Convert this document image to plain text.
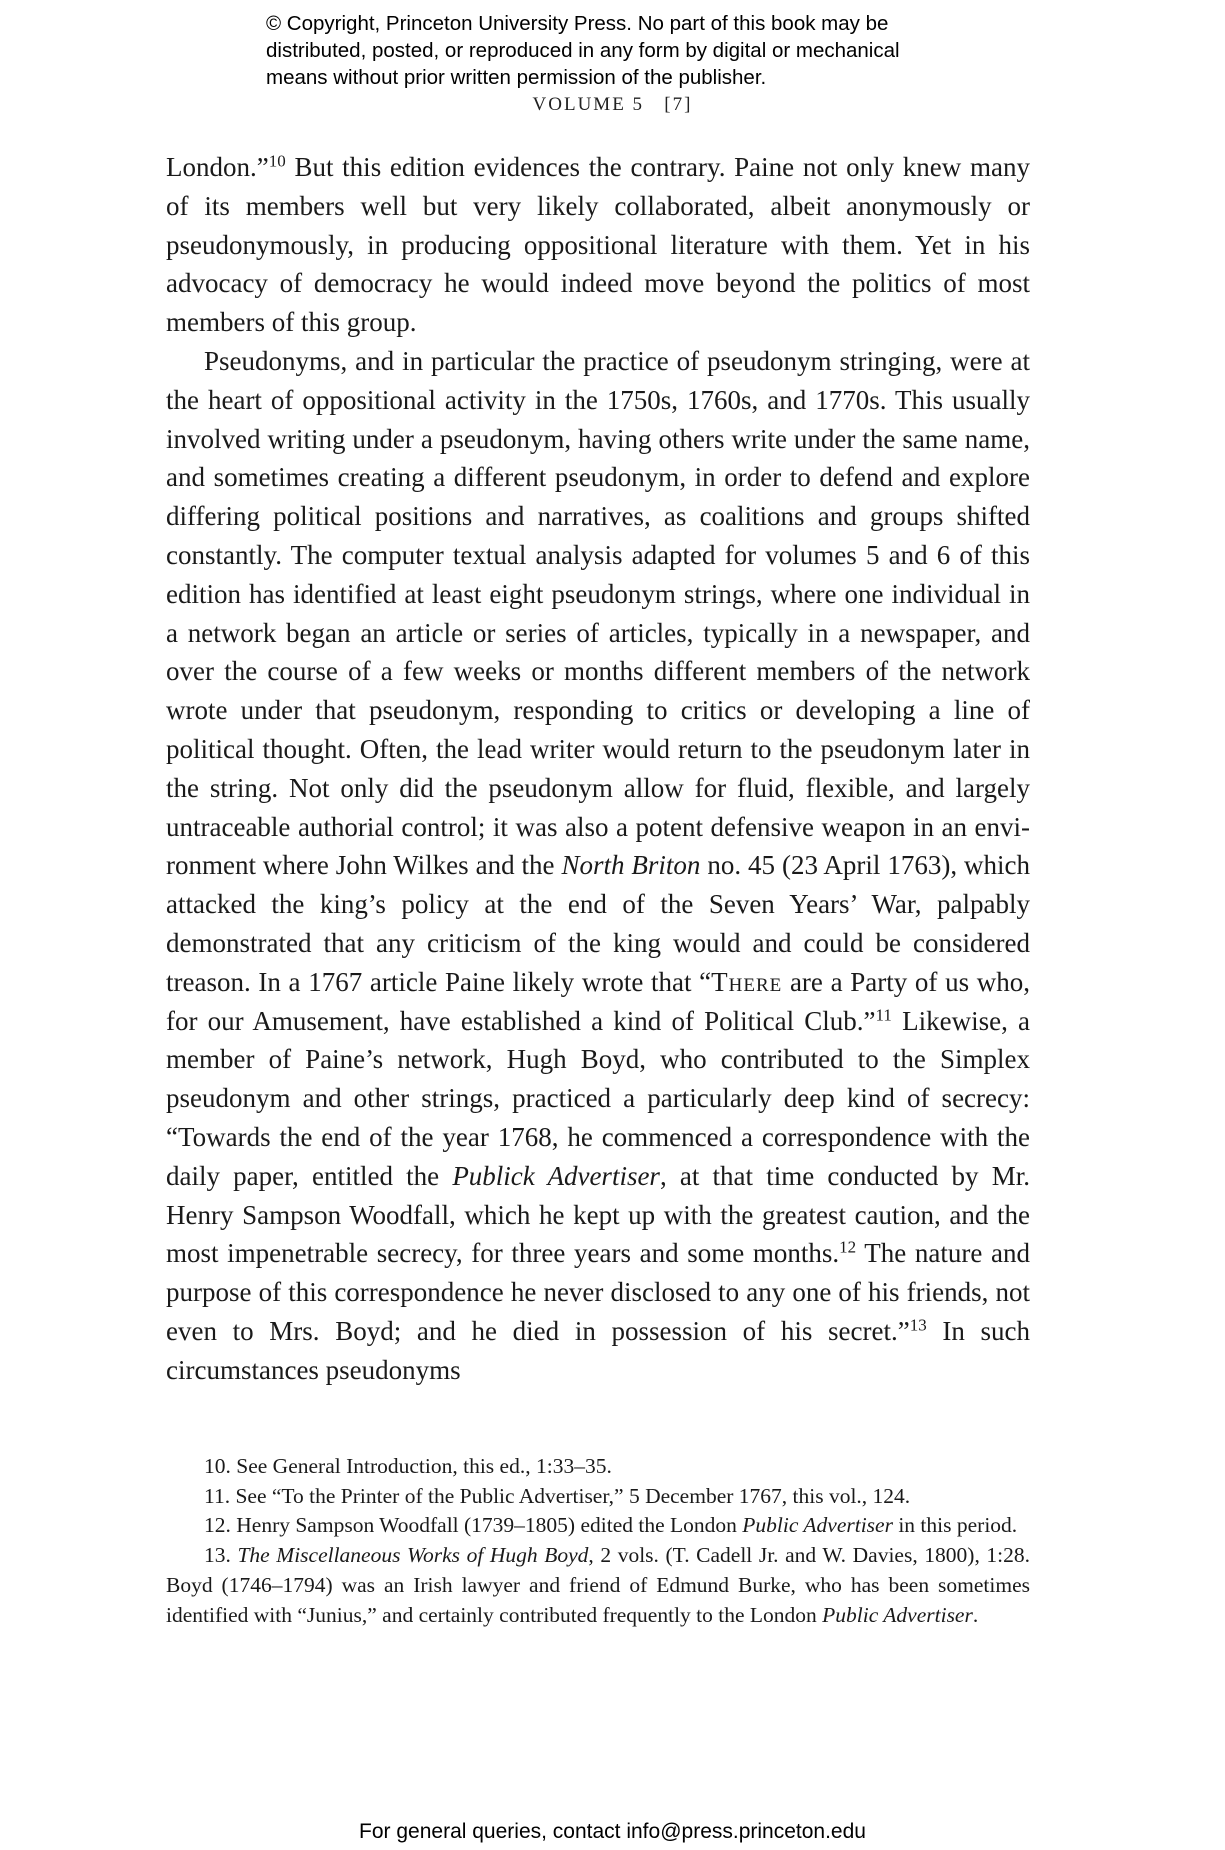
© Copyright, Princeton University Press. No part of this book may be
distributed, posted, or reproduced in any form by digital or mechanical
means without prior written permission of the publisher.
VOLUME 5   [7]

London.”$^{10}$ But this edition evidences the contrary. Paine not only knew many of its members well but very likely collaborated, albeit anonymously or pseudonymously, in producing oppositional literature with them. Yet in his advocacy of democracy he would indeed move beyond the politics of most members of this group.

Pseudonyms, and in particular the practice of pseudonym stringing, were at the heart of oppositional activity in the 1750s, 1760s, and 1770s. This usually involved writing under a pseudonym, having others write under the same name, and sometimes creating a different pseudonym, in order to defend and explore differing political positions and narratives, as coalitions and groups shifted constantly. The computer textual analysis adapted for volumes 5 and 6 of this edition has identified at least eight pseudonym strings, where one individual in a network began an article or series of articles, typically in a newspaper, and over the course of a few weeks or months different members of the network wrote under that pseudonym, responding to critics or developing a line of political thought. Often, the lead writer would return to the pseudonym later in the string. Not only did the pseudonym allow for fluid, flexible, and largely untraceable authorial control; it was also a potent defensive weapon in an environment where John Wilkes and the North Briton no. 45 (23 April 1763), which attacked the king’s policy at the end of the Seven Years’ War, palpably demonstrated that any criticism of the king would and could be considered treason. In a 1767 article Paine likely wrote that “There are a Party of us who, for our Amusement, have established a kind of Political Club.”$^{11}$ Likewise, a member of Paine’s network, Hugh Boyd, who contributed to the Simplex pseudonym and other strings, practiced a particularly deep kind of secrecy: “Towards the end of the year 1768, he commenced a correspondence with the daily paper, entitled the Publick Advertiser, at that time conducted by Mr. Henry Sampson Woodfall, which he kept up with the greatest caution, and the most impenetrable secrecy, for three years and some months.$^{12}$ The nature and purpose of this correspondence he never disclosed to any one of his friends, not even to Mrs. Boyd; and he died in possession of his secret.”$^{13}$ In such circumstances pseudonyms

10. See General Introduction, this ed., 1:33–35.

11. See “To the Printer of the Public Advertiser,” 5 December 1767, this vol., 124.

12. Henry Sampson Woodfall (1739–1805) edited the London Public Advertiser in this period.

13. The Miscellaneous Works of Hugh Boyd, 2 vols. (T. Cadell Jr. and W. Davies, 1800), 1:28. Boyd (1746–1794) was an Irish lawyer and friend of Edmund Burke, who has been sometimes identified with “Junius,” and certainly contributed frequently to the London Public Advertiser.

For general queries, contact info@press.princeton.edu
